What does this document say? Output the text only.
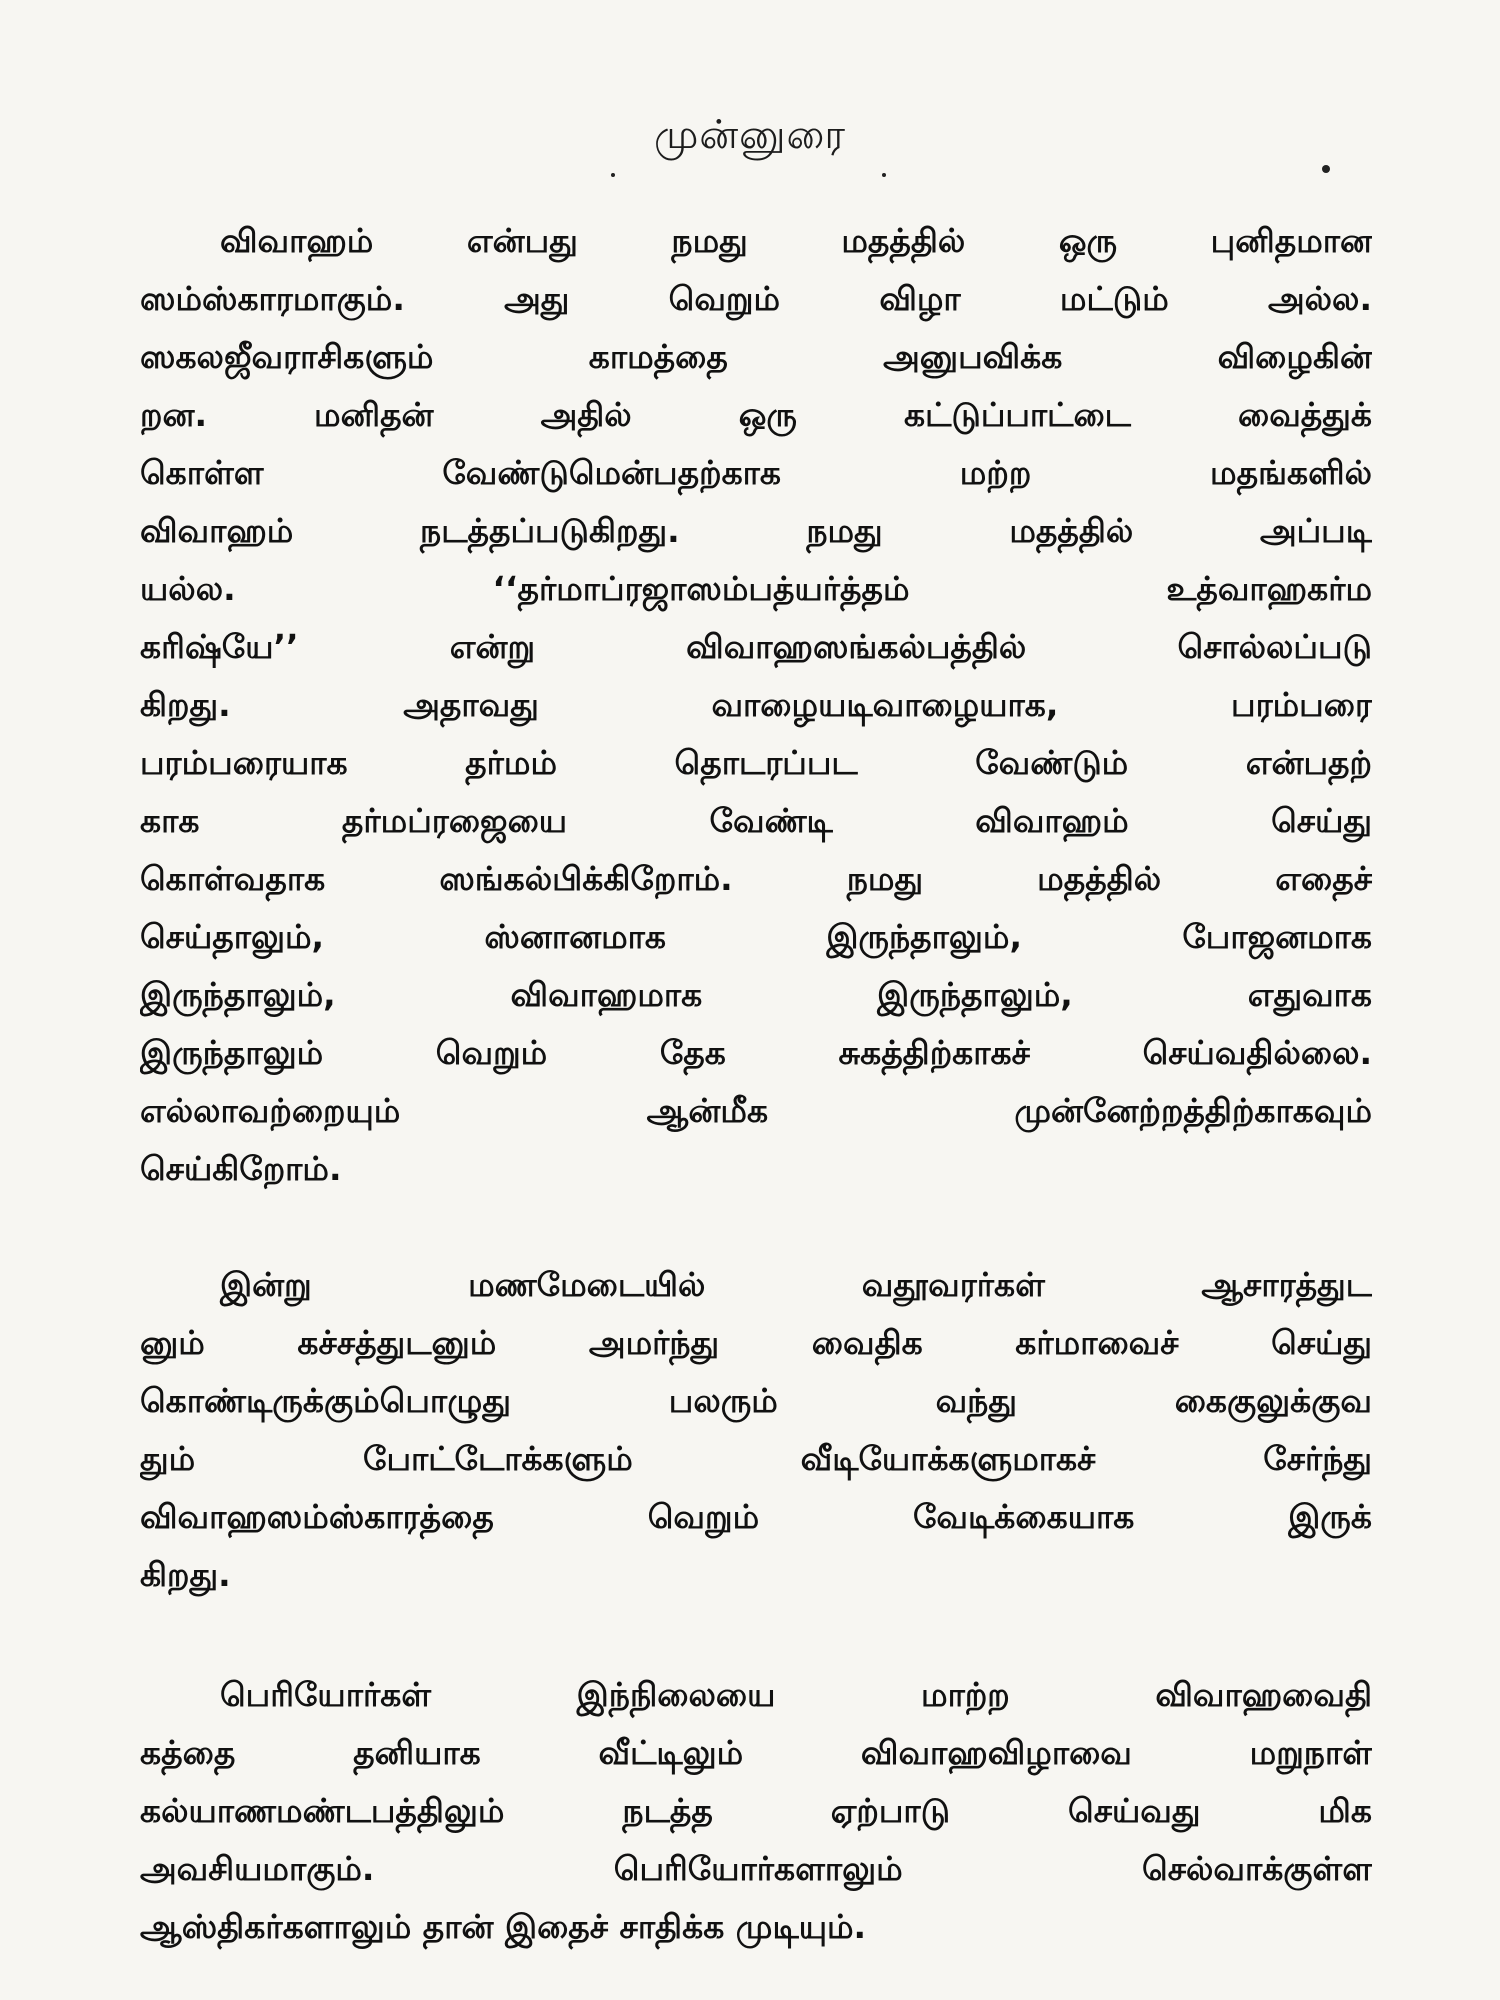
முன்னுரை
விவாஹம் என்பது நமது மதத்தில் ஒரு புனிதமான
ஸம்ஸ்காரமாகும். அது வெறும் விழா மட்டும் அல்ல.
ஸகலஜீவராசிகளும் காமத்தை அனுபவிக்க விழைகின்
றன. மனிதன் அதில் ஒரு கட்டுப்பாட்டை வைத்துக்
கொள்ள வேண்டுமென்பதற்காக மற்ற மதங்களில்
விவாஹம் நடத்தப்படுகிறது. நமது மதத்தில் அப்படி
யல்ல. ‘‘தர்மாப்ரஜாஸம்பத்யர்த்தம் உத்வாஹகர்ம
கரிஷ்யே’’ என்று விவாஹஸங்கல்பத்தில் சொல்லப்படு
கிறது. அதாவது வாழையடிவாழையாக, பரம்பரை
பரம்பரையாக தர்மம் தொடரப்பட வேண்டும் என்பதற்
காக தர்மப்ரஜையை வேண்டி விவாஹம் செய்து
கொள்வதாக ஸங்கல்பிக்கிறோம். நமது மதத்தில் எதைச்
செய்தாலும், ஸ்னானமாக இருந்தாலும், போஜனமாக
இருந்தாலும், விவாஹமாக இருந்தாலும், எதுவாக
இருந்தாலும் வெறும் தேக சுகத்திற்காகச் செய்வதில்லை.
எல்லாவற்றையும் ஆன்மீக முன்னேற்றத்திற்காகவும்
செய்கிறோம்.
இன்று மணமேடையில் வதூவரர்கள் ஆசாரத்துட
னும் கச்சத்துடனும் அமர்ந்து வைதிக கர்மாவைச் செய்து
கொண்டிருக்கும்பொழுது பலரும் வந்து கைகுலுக்குவ
தும் போட்டோக்களும் வீடியோக்களுமாகச் சேர்ந்து
விவாஹஸம்ஸ்காரத்தை வெறும் வேடிக்கையாக இருக்
கிறது.
பெரியோர்கள் இந்நிலையை மாற்ற விவாஹவைதி
கத்தை தனியாக வீட்டிலும் விவாஹவிழாவை மறுநாள்
கல்யாணமண்டபத்திலும் நடத்த ஏற்பாடு செய்வது மிக
அவசியமாகும். பெரியோர்களாலும் செல்வாக்குள்ள
ஆஸ்திகர்களாலும் தான் இதைச் சாதிக்க முடியும்.
